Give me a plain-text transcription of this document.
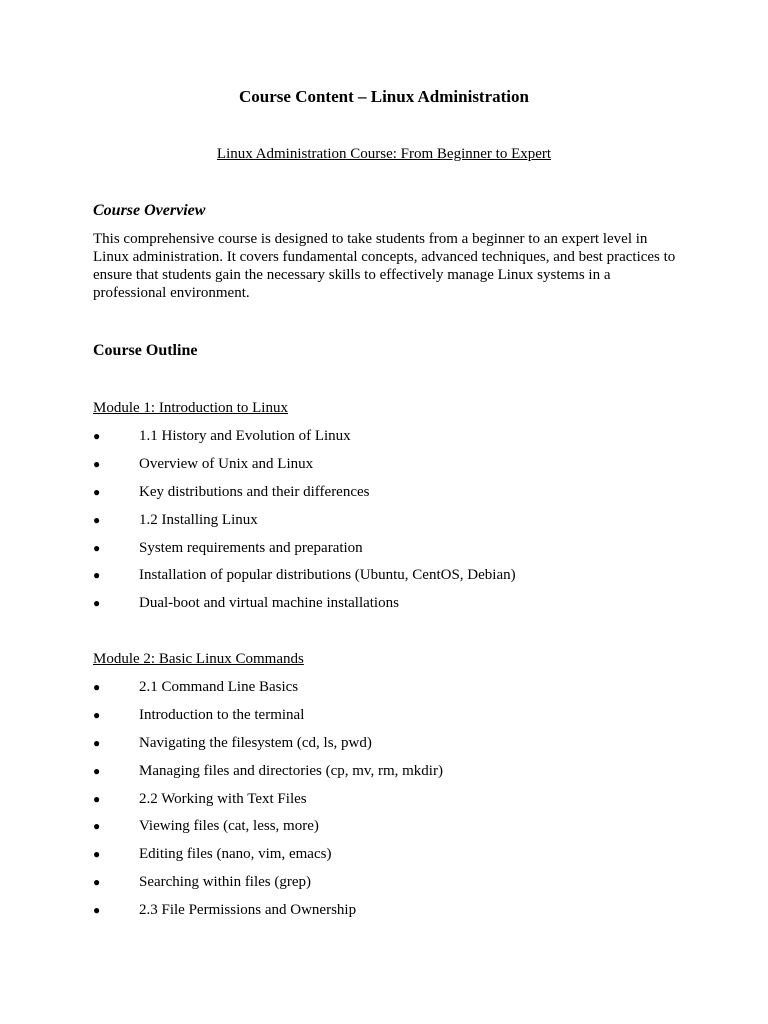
Course Content – Linux Administration

Linux Administration Course: From Beginner to Expert

Course Overview

This comprehensive course is designed to take students from a beginner to an expert level in Linux administration. It covers fundamental concepts, advanced techniques, and best practices to ensure that students gain the necessary skills to effectively manage Linux systems in a professional environment.

Course Outline

Module 1: Introduction to Linux

●	1.1 History and Evolution of Linux
●	Overview of Unix and Linux
●	Key distributions and their differences
●	1.2 Installing Linux
●	System requirements and preparation
●	Installation of popular distributions (Ubuntu, CentOS, Debian)
●	Dual-boot and virtual machine installations

Module 2: Basic Linux Commands

●	2.1 Command Line Basics
●	Introduction to the terminal
●	Navigating the filesystem (cd, ls, pwd)
●	Managing files and directories (cp, mv, rm, mkdir)
●	2.2 Working with Text Files
●	Viewing files (cat, less, more)
●	Editing files (nano, vim, emacs)
●	Searching within files (grep)
●	2.3 File Permissions and Ownership
